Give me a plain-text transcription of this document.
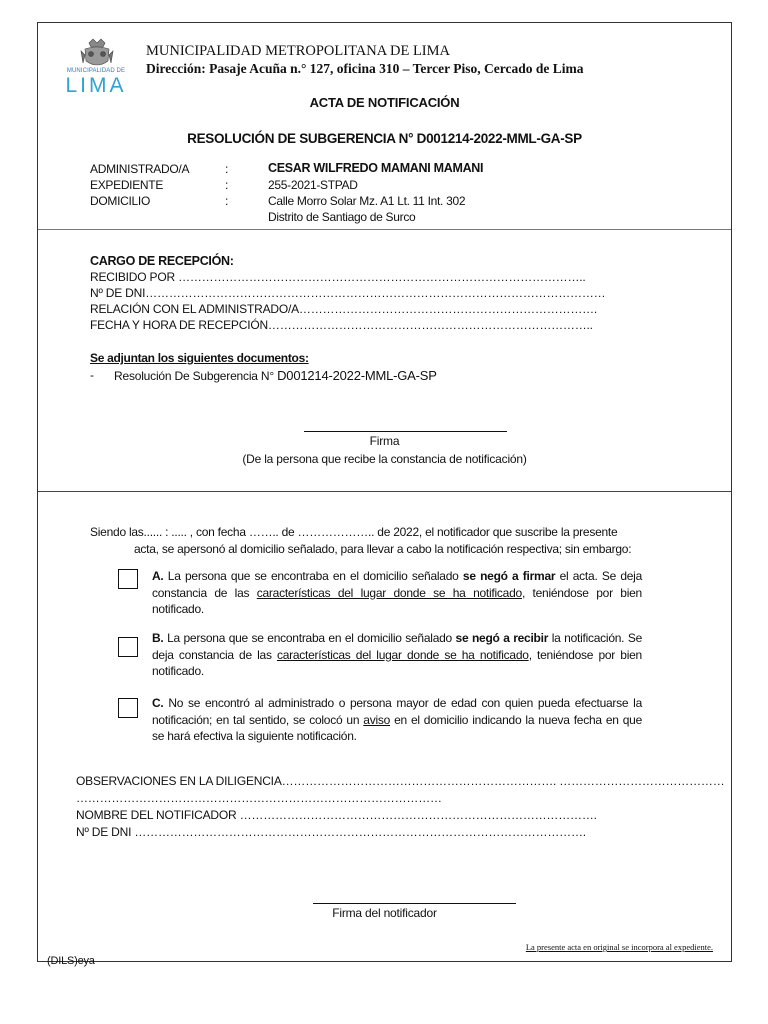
MUNICIPALIDAD DE
LIMA
MUNICIPALIDAD METROPOLITANA DE LIMA
Dirección: Pasaje Acuña n.° 127, oficina 310 – Tercer Piso, Cercado de Lima
ACTA DE NOTIFICACIÓN
RESOLUCIÓN DE SUBGERENCIA N° D001214-2022-MML-GA-SP
ADMINISTRADO/A	:	CESAR WILFREDO MAMANI MAMANI
EXPEDIENTE	:	255-2021-STPAD
DOMICILIO	:	Calle Morro Solar Mz. A1 Lt. 11 Int. 302
Distrito de Santiago de Surco
CARGO DE RECEPCIÓN:
RECIBIDO POR …………………………………………………………………………………………..
Nº DE DNI………………………………………………………………………………………………………
RELACIÓN CON EL ADMINISTRADO/A………………………………………………………………….
FECHA Y HORA DE RECEPCIÓN………………………………………………………………………..
Se adjuntan los siguientes documentos:
- Resolución De Subgerencia N° D001214-2022-MML-GA-SP
Firma
(De la persona que recibe la constancia de notificación)
Siendo las...... : ..... , con fecha …….. de ……………….. de 2022, el notificador que suscribe la presente
acta, se apersonó al domicilio señalado, para llevar a cabo la notificación respectiva; sin embargo:
A. La persona que se encontraba en el domicilio señalado se negó a firmar el acta. Se deja constancia de las características del lugar donde se ha notificado, teniéndose por bien notificado.
B. La persona que se encontraba en el domicilio señalado se negó a recibir la notificación. Se deja constancia de las características del lugar donde se ha notificado, teniéndose por bien notificado.
C. No se encontró al administrado o persona mayor de edad con quien pueda efectuarse la notificación; en tal sentido, se colocó un aviso en el domicilio indicando la nueva fecha en que se hará efectiva la siguiente notificación.
OBSERVACIONES EN LA DILIGENCIA……………………………………………………………. ……………………………………
…………………………………………………………………………………
NOMBRE DEL NOTIFICADOR ……………………………………………………………………………….
Nº DE DNI …………………………………………………………………………………………………….
Firma del notificador
La presente acta en original se incorpora al expediente.
(DILS)eya
